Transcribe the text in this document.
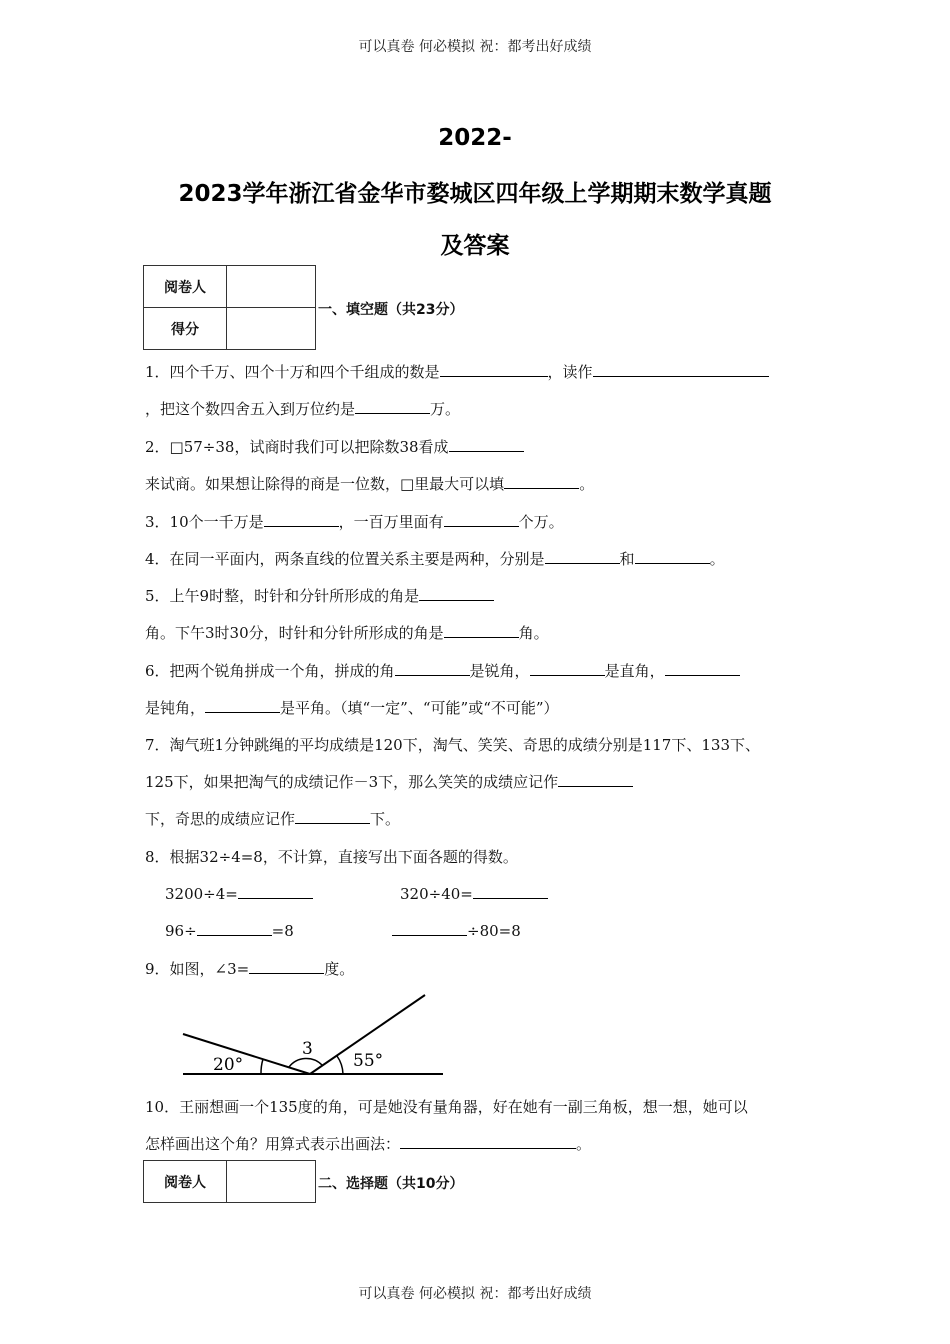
可以真卷 何必模拟 祝：都考出好成绩
2022-
2023学年浙江省金华市婺城区四年级上学期期末数学真题
及答案
阅卷人	
得分	
一、填空题（共23分）
1．四个千万、四个十万和四个千组成的数是	，读作
，把这个数四舍五入到万位约是	万。
2．□57÷38，试商时我们可以把除数38看成
来试商。如果想让除得的商是一位数，□里最大可以填	。
3．10个一千万是	，一百万里面有	个万。
4．在同一平面内，两条直线的位置关系主要是两种，分别是	和	。
5．上午9时整，时针和分针所形成的角是
角。下午3时30分，时针和分针所形成的角是	角。
6．把两个锐角拼成一个角，拼成的角	是锐角，	是直角，
是钝角，	是平角。（填“一定”、“可能”或“不可能”）
7．淘气班1分钟跳绳的平均成绩是120下，淘气、笑笑、奇思的成绩分别是117下、133下、
125下，如果把淘气的成绩记作－3下，那么笑笑的成绩应记作
下，奇思的成绩应记作	下。
8．根据32÷4=8，不计算，直接写出下面各题的得数。
3200÷4=	320÷40=
96÷	=8	÷80=8
9．如图，∠3=	度。
20°
3
55°
10．王丽想画一个135度的角，可是她没有量角器，好在她有一副三角板，想一想，她可以
怎样画出这个角？用算式表示出画法：	。
阅卷人		二、选择题（共10分）
可以真卷 何必模拟 祝：都考出好成绩
